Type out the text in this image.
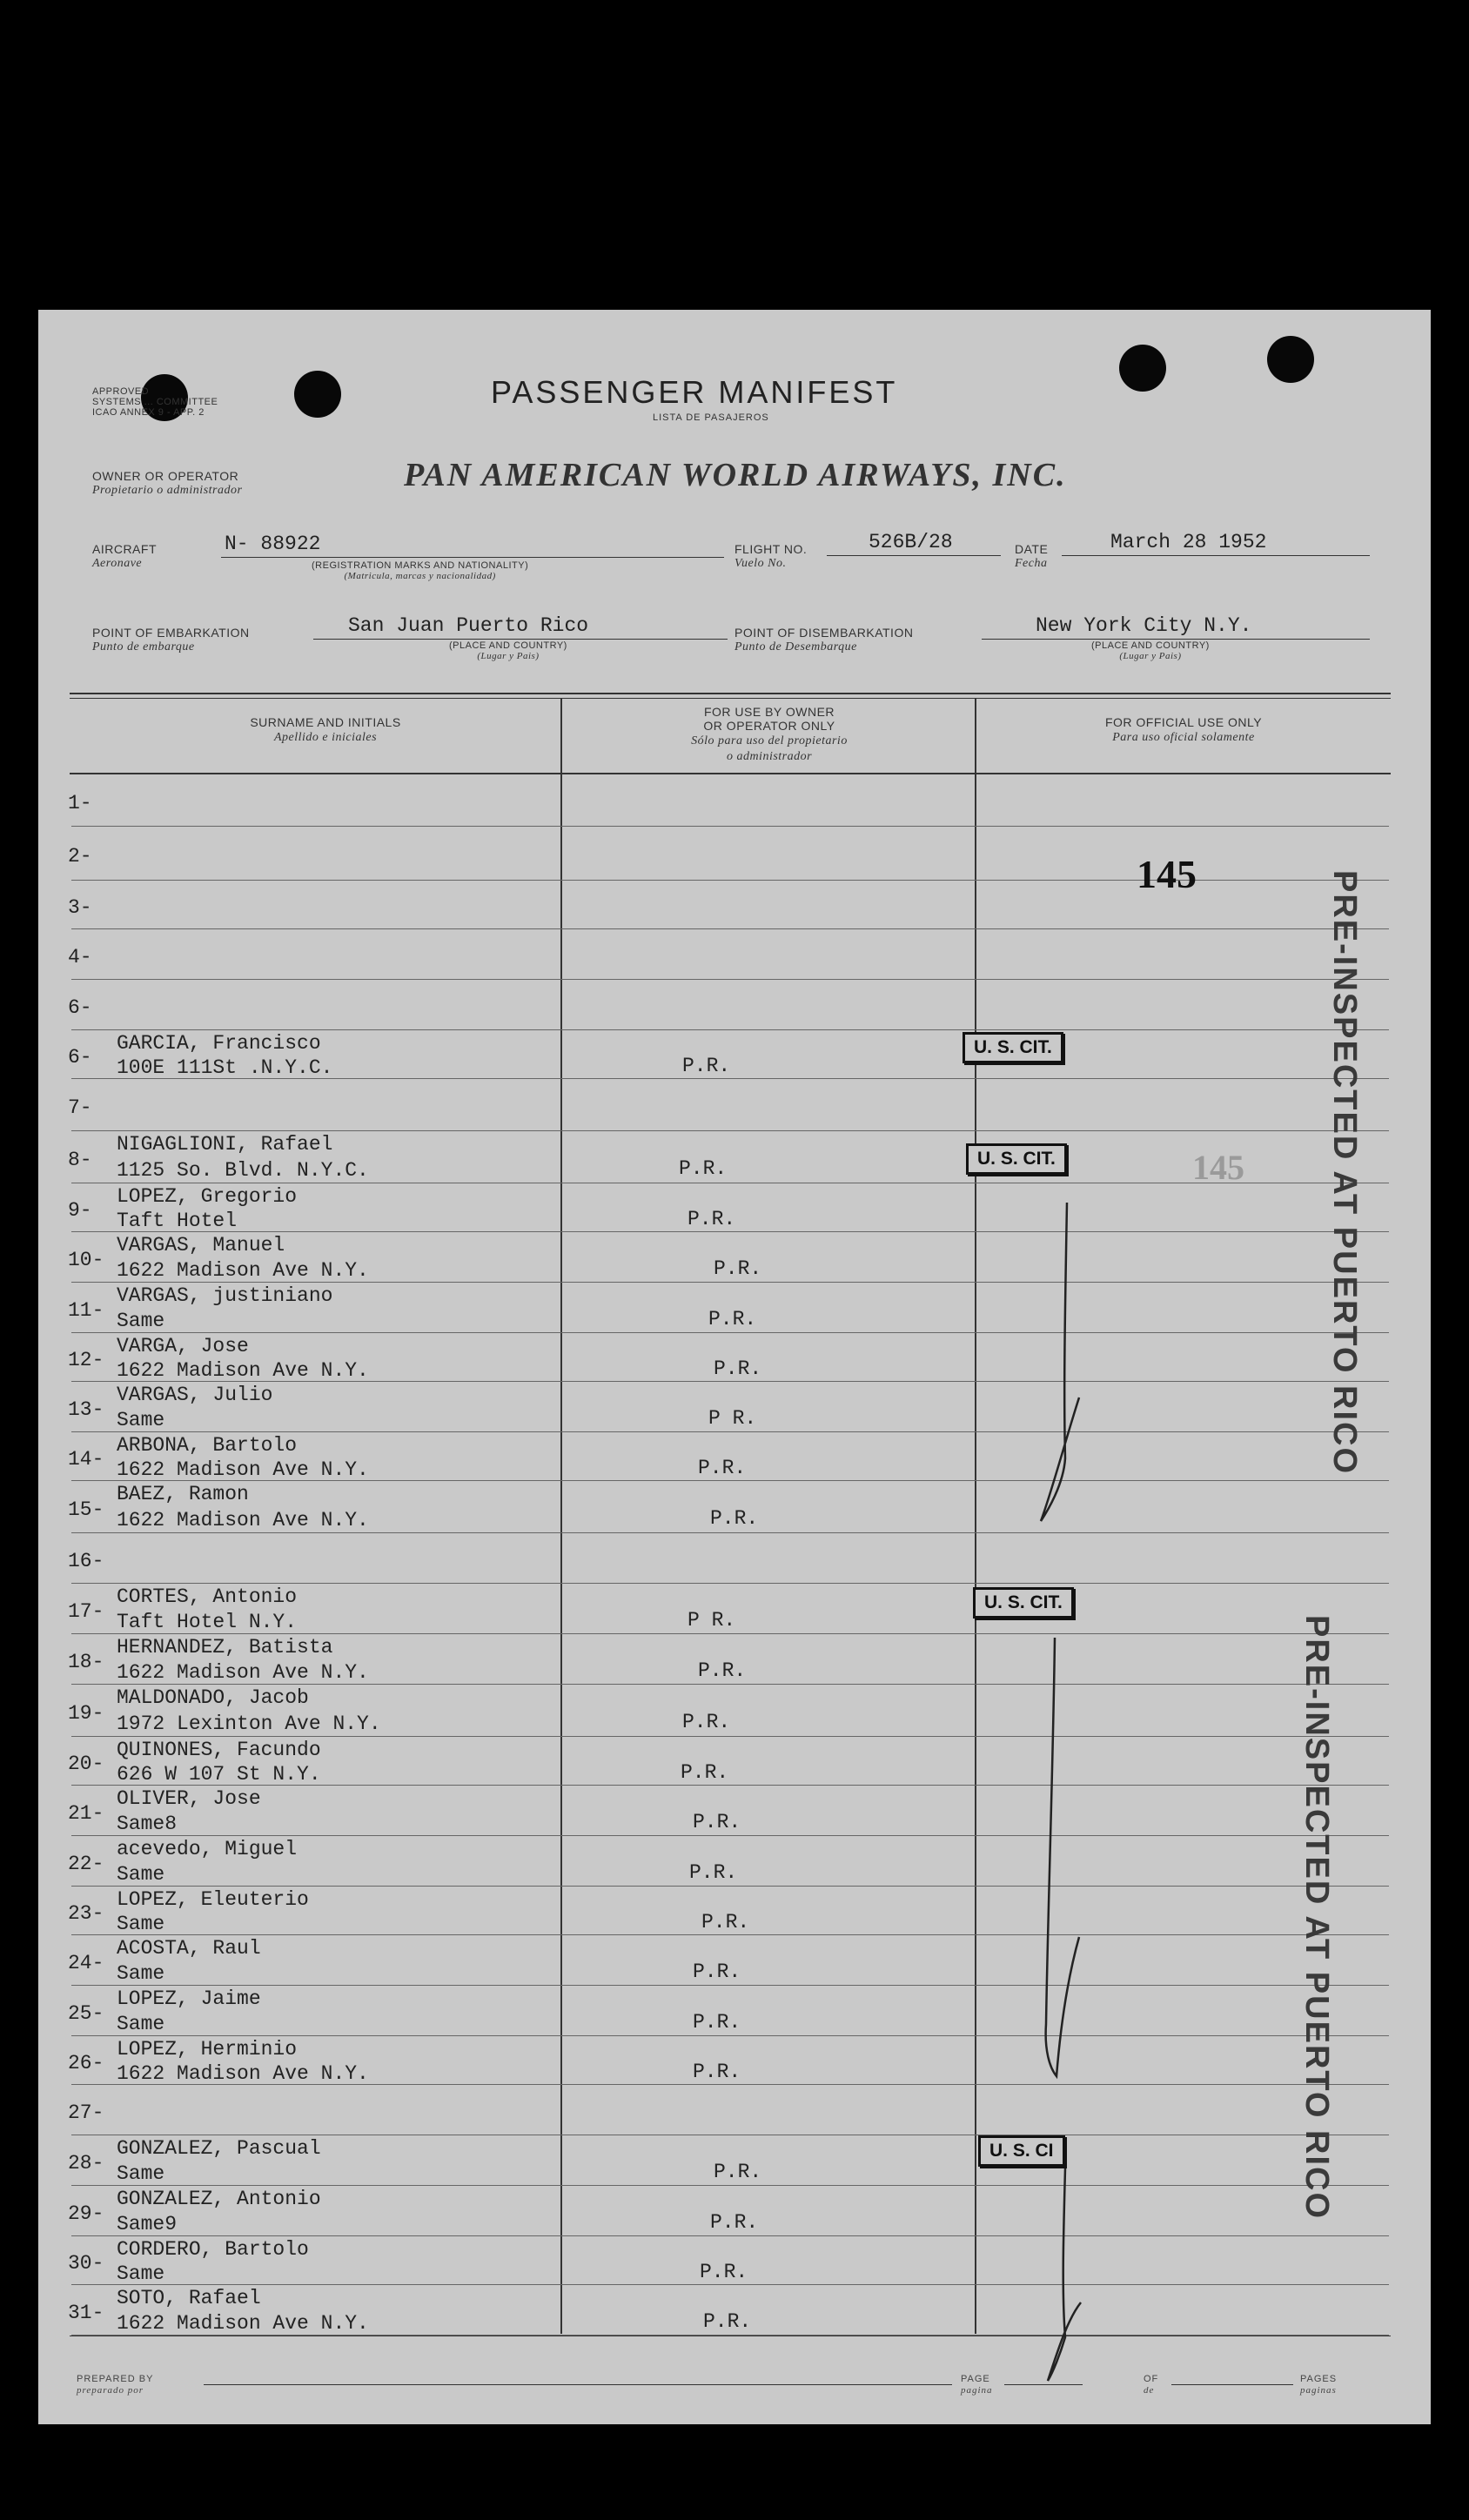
APPROVED
SYSTEMS ... COMMITTEE
ICAO ANNEX 9 - APP. 2
PASSENGER MANIFEST
LISTA DE PASAJEROS
OWNER OR OPERATOR
Propietario o administrador	PAN AMERICAN WORLD AIRWAYS, INC.
AIRCRAFT
Aeronave
N- 88922
(REGISTRATION MARKS AND NATIONALITY)
(Matricula, marcas y nacionalidad)
FLIGHT NO.
Vuelo No.
526B/28	DATE
Fecha
March 28 1952
POINT OF EMBARKATION
Punto de embarque
San Juan Puerto Rico
(PLACE AND COUNTRY)
(Lugar y Pais)
POINT OF DISEMBARKATION
Punto de Desembarque
New York City N.Y.
(PLACE AND COUNTRY)
(Lugar y Pais)
SURNAME AND INITIALS
Apellido e iniciales
FOR USE BY OWNER
OR OPERATOR ONLY
Sólo para uso del propietario
o administrador
FOR OFFICIAL USE ONLY
Para uso oficial solamente
1-
2-
3-
4-
6-
6-
GARCIA, Francisco
100E 111St .N.Y.C.	P.R.
7-
8-
NIGAGLIONI, Rafael
1125 So. Blvd. N.Y.C.	P.R.
9-
LOPEZ, Gregorio
Taft Hotel	P.R.
10-
VARGAS, Manuel
1622 Madison Ave N.Y.	P.R.
11-
VARGAS, justiniano
Same	P.R.
12-
VARGA, Jose
1622 Madison Ave N.Y.	P.R.
13-
VARGAS, Julio
Same	P R.
14-
ARBONA, Bartolo
1622 Madison Ave N.Y.	P.R.
15-
BAEZ, Ramon
1622 Madison Ave N.Y.	P.R.
16-
17-
CORTES, Antonio
Taft Hotel N.Y.	P R.
18-
HERNANDEZ, Batista
1622 Madison Ave N.Y.	P.R.
19-
MALDONADO, Jacob
1972 Lexinton Ave N.Y.	P.R.
20-
QUINONES, Facundo
626 W 107 St N.Y.	P.R.
21-
OLIVER, Jose
Same8	P.R.
22-
acevedo, Miguel
Same	P.R.
23-
LOPEZ, Eleuterio
Same	P.R.
24-
ACOSTA, Raul
Same	P.R.
25-
LOPEZ, Jaime
Same	P.R.
26-
LOPEZ, Herminio
1622 Madison Ave N.Y.	P.R.
27-
28-
GONZALEZ, Pascual
Same	P.R.
29-
GONZALEZ, Antonio
Same9	P.R.
30-
CORDERO, Bartolo
Same	P.R.
31-
SOTO, Rafael
1622 Madison Ave N.Y.	P.R.
145
145
U. S. CIT.
U. S. CIT.
U. S. CIT.
U. S. CI
PRE-INSPECTED AT PUERTO RICO
PRE-INSPECTED AT PUERTO RICO
PREPARED BY
preparado por
PAGE
pagina
OF
de
PAGES
paginas
